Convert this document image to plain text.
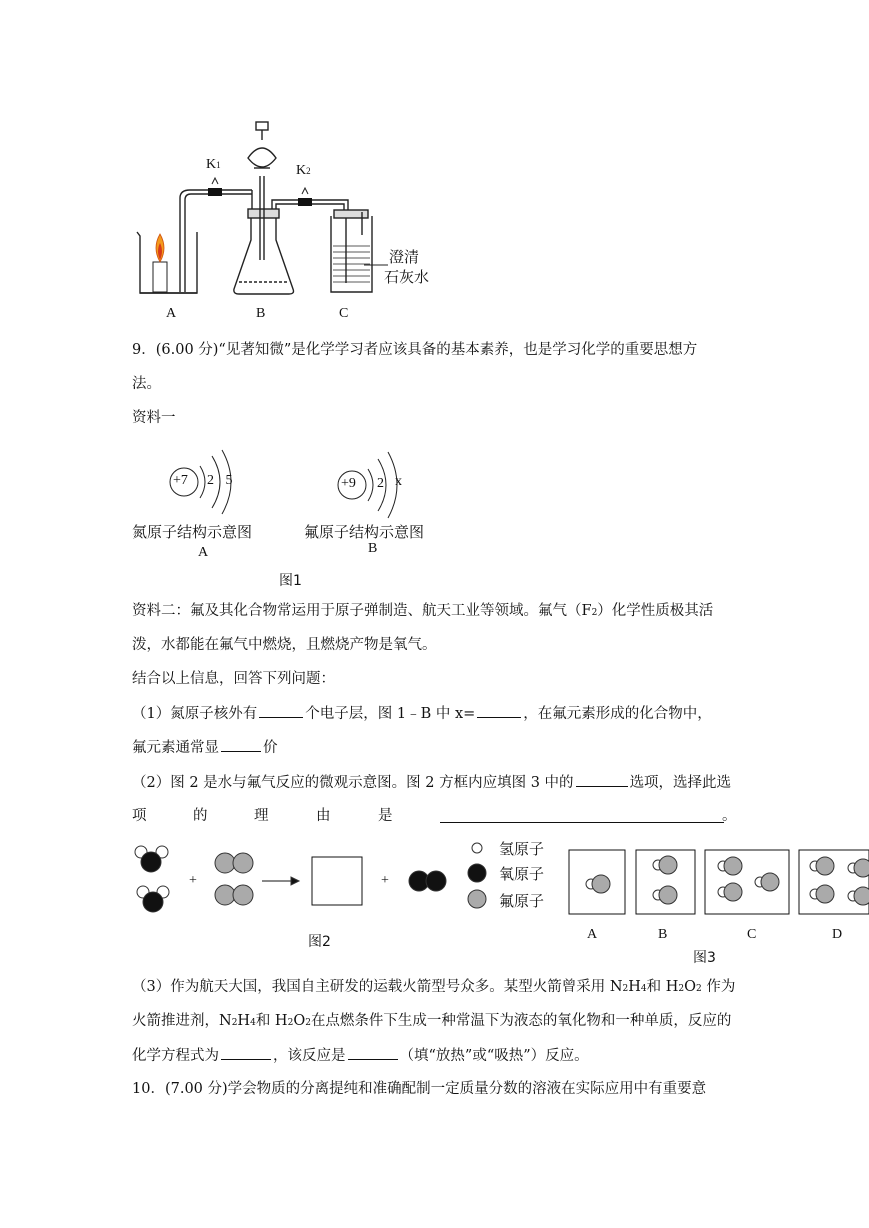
K1	K2
澄清
石灰水
A	B	C
9．(6.00 分)“见著知微”是化学学习者应该具备的基本素养，也是学习化学的重要思想方
法。
资料一
+7 2 5
氮原子结构示意图
A
+9 2 x
氟原子结构示意图
B
图1
资料二：氟及其化合物常运用于原子弹制造、航天工业等领域。氟气（F2）化学性质极其活
泼，水都能在氟气中燃烧，且燃烧产物是氧气。
结合以上信息，回答下列问题：
（1）氮原子核外有	个电子层，图 1﹣B 中 x=	，在氟元素形成的化合物中，
氟元素通常显	价
（2）图 2 是水与氟气反应的微观示意图。图 2 方框内应填图 3 中的	选项，选择此选
项	的	理	由	是	。
+	+
氢原子
氧原子
氟原子
图2	A	B	C	D
图3
（3）作为航天大国，我国自主研发的运载火箭型号众多。某型火箭曾采用 N2H4和 H2O2 作为
火箭推进剂，N2H4和 H2O2在点燃条件下生成一种常温下为液态的氧化物和一种单质，反应的
化学方程式为	，该反应是	（填“放热”或“吸热”）反应。
10．(7.00 分)学会物质的分离提纯和准确配制一定质量分数的溶液在实际应用中有重要意
